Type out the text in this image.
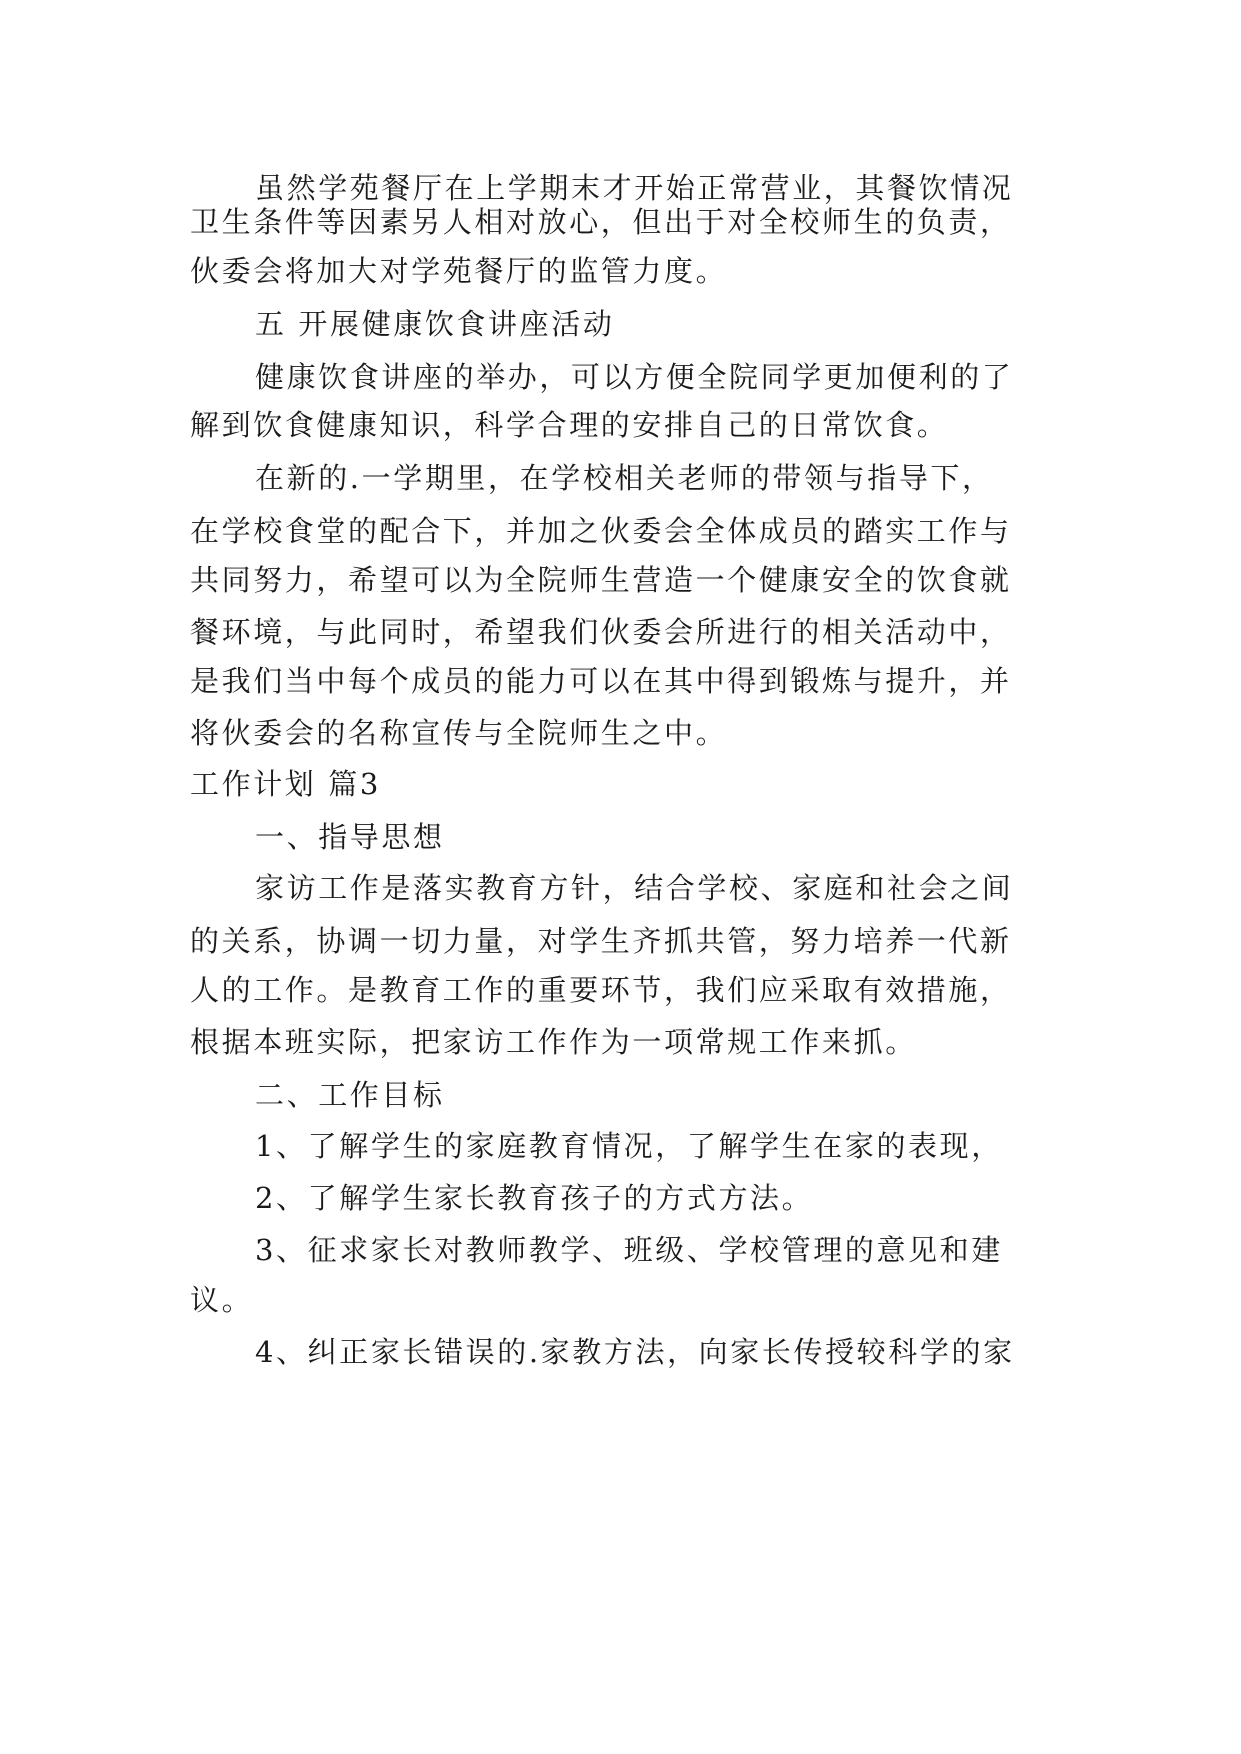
虽然学苑餐厅在上学期末才开始正常营业，其餐饮情况
卫生条件等因素另人相对放心，但出于对全校师生的负责，
伙委会将加大对学苑餐厅的监管力度。
五 开展健康饮食讲座活动
健康饮食讲座的举办，可以方便全院同学更加便利的了
解到饮食健康知识，科学合理的安排自己的日常饮食。
在新的.一学期里，在学校相关老师的带领与指导下，
在学校食堂的配合下，并加之伙委会全体成员的踏实工作与
共同努力，希望可以为全院师生营造一个健康安全的饮食就
餐环境，与此同时，希望我们伙委会所进行的相关活动中，
是我们当中每个成员的能力可以在其中得到锻炼与提升，并
将伙委会的名称宣传与全院师生之中。
工作计划 篇3
一、指导思想
家访工作是落实教育方针，结合学校、家庭和社会之间
的关系，协调一切力量，对学生齐抓共管，努力培养一代新
人的工作。是教育工作的重要环节，我们应采取有效措施，
根据本班实际，把家访工作作为一项常规工作来抓。
二、工作目标
1、了解学生的家庭教育情况，了解学生在家的表现，
2、了解学生家长教育孩子的方式方法。
3、征求家长对教师教学、班级、学校管理的意见和建
议。
4、纠正家长错误的.家教方法，向家长传授较科学的家
